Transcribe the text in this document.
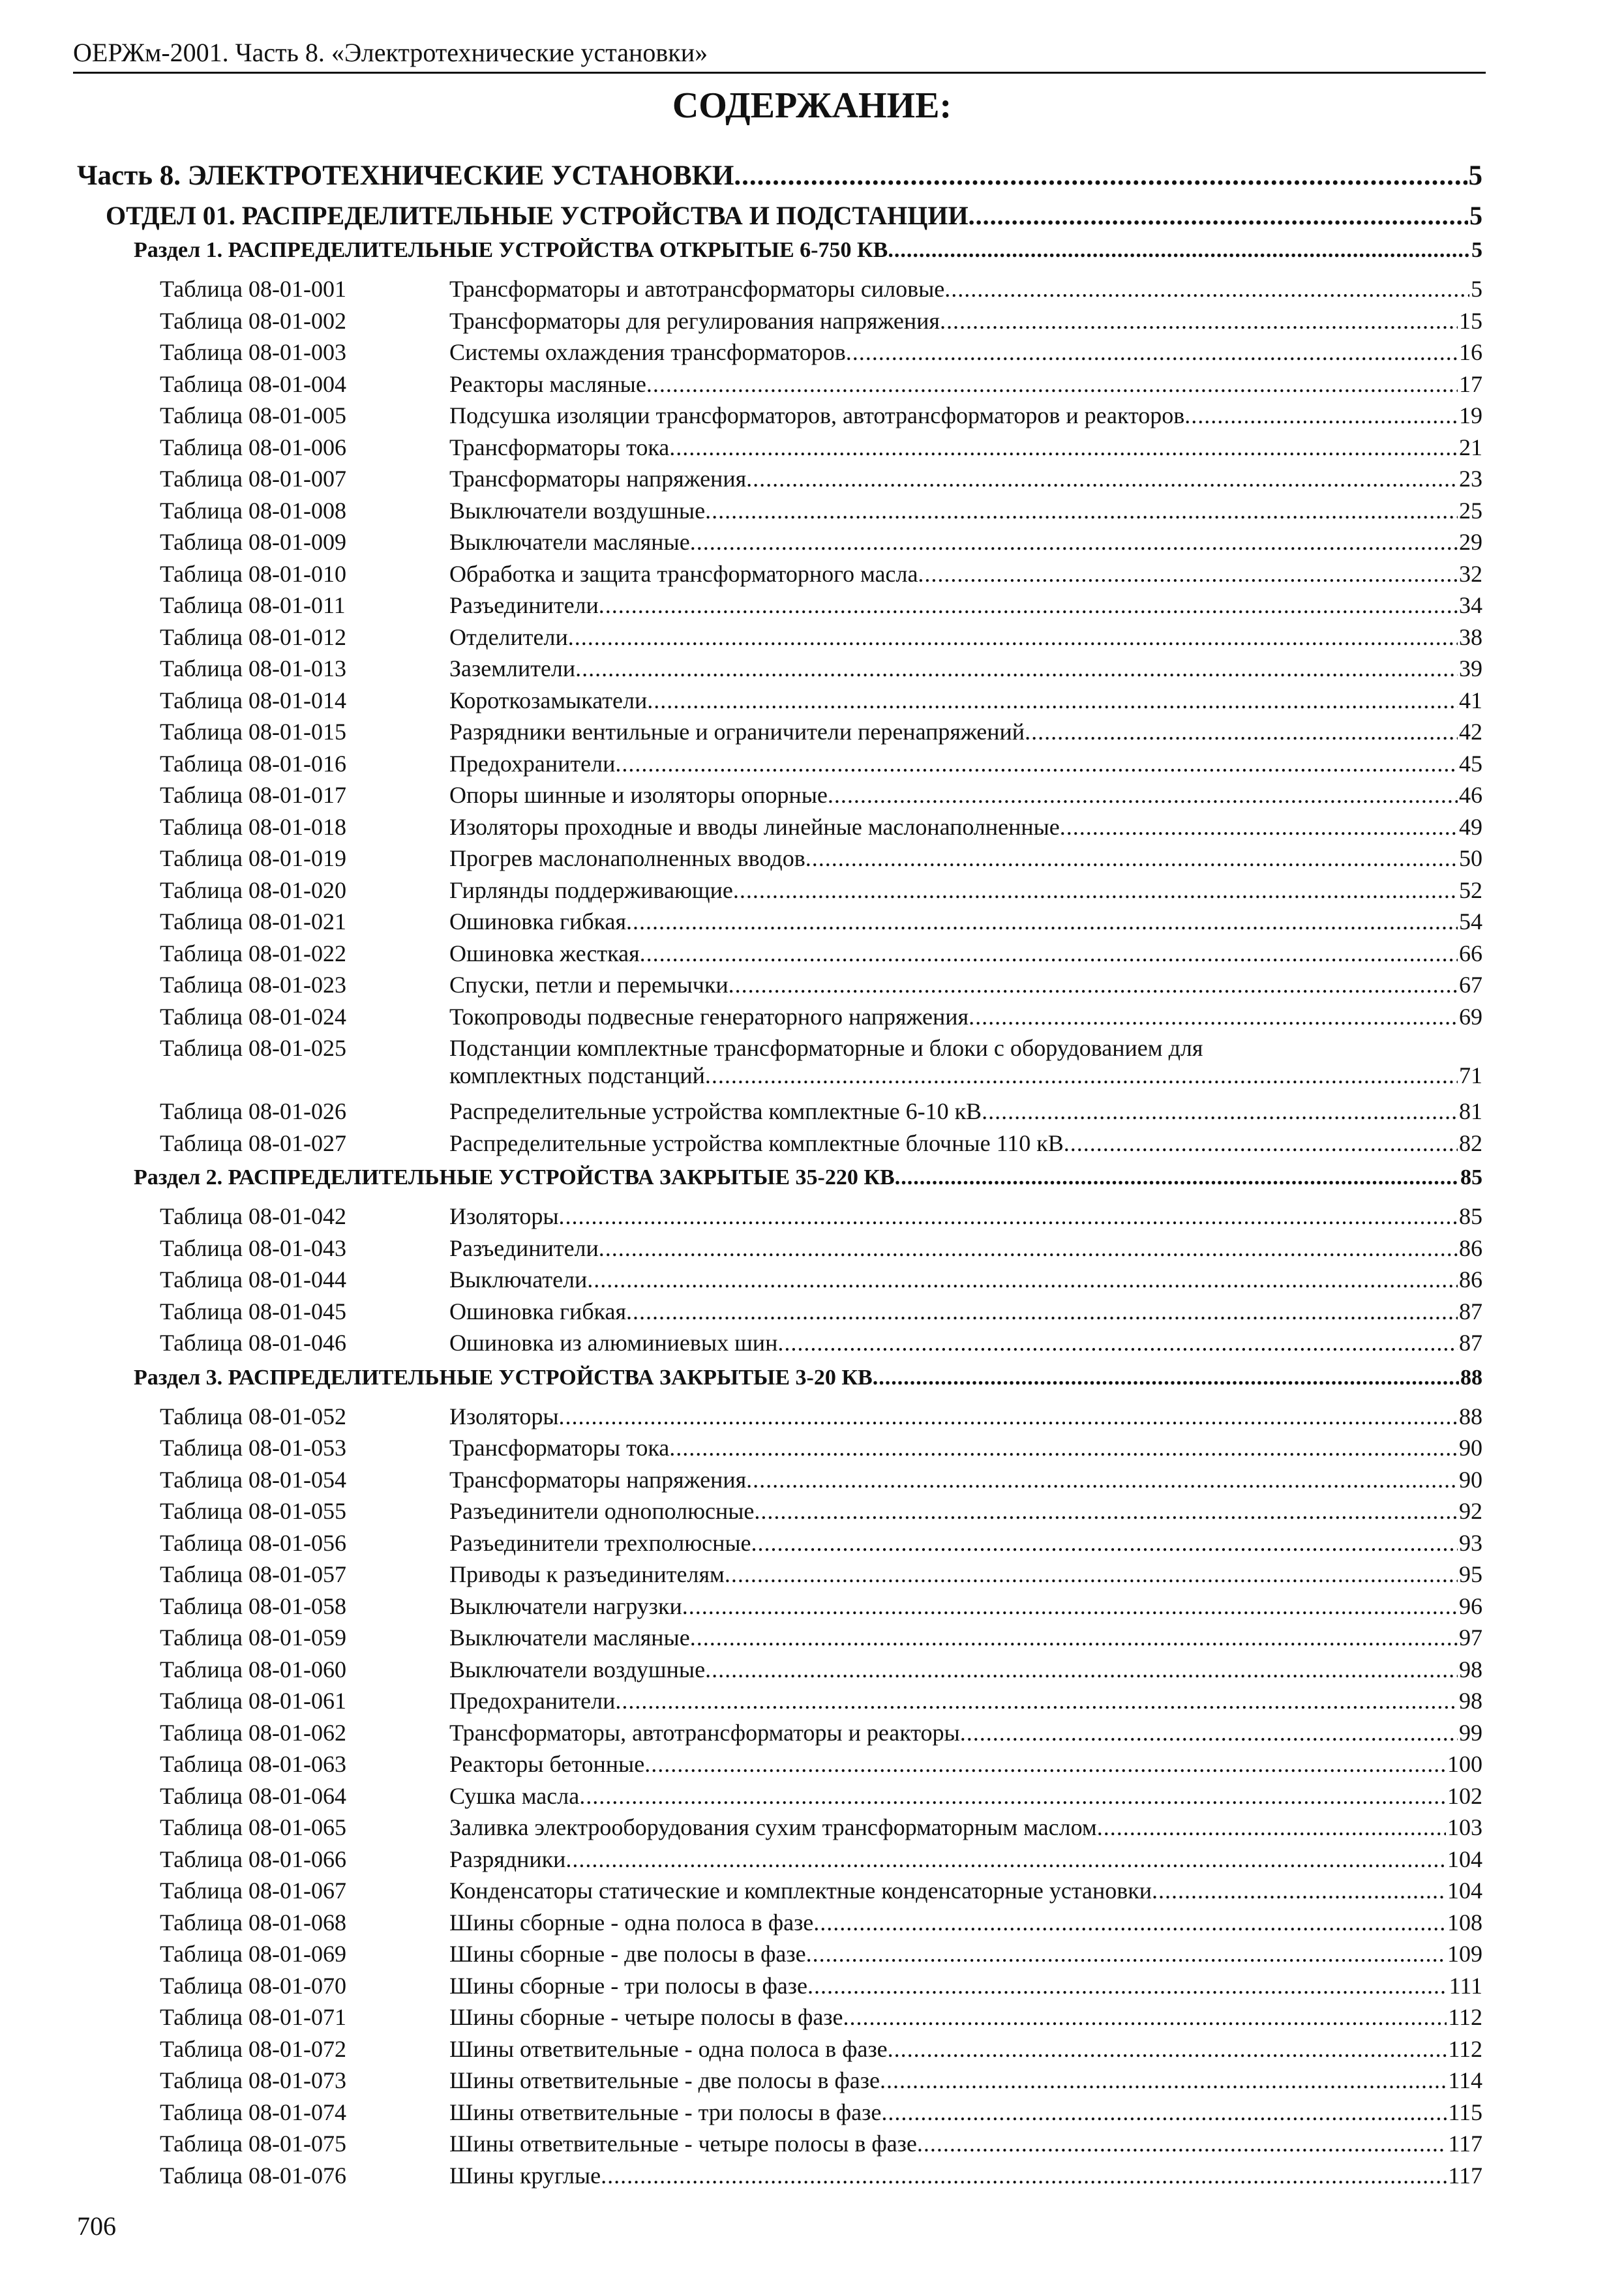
ОЕРЖм-2001. Часть 8. «Электротехнические установки»
СОДЕРЖАНИЕ:
Часть 8. ЭЛЕКТРОТЕХНИЧЕСКИЕ УСТАНОВКИ .....	5
ОТДЕЛ 01. РАСПРЕДЕЛИТЕЛЬНЫЕ УСТРОЙСТВА И ПОДСТАНЦИИ .....	5
Раздел 1. РАСПРЕДЕЛИТЕЛЬНЫЕ УСТРОЙСТВА ОТКРЫТЫЕ 6-750 КВ .....	5
Таблица 08-01-001	Трансформаторы и автотрансформаторы силовые .....	5
Таблица 08-01-002	Трансформаторы для регулирования напряжения .....	15
Таблица 08-01-003	Системы охлаждения трансформаторов .....	16
Таблица 08-01-004	Реакторы масляные .....	17
Таблица 08-01-005	Подсушка изоляции трансформаторов, автотрансформаторов и реакторов .....	19
Таблица 08-01-006	Трансформаторы тока .....	21
Таблица 08-01-007	Трансформаторы напряжения .....	23
Таблица 08-01-008	Выключатели воздушные .....	25
Таблица 08-01-009	Выключатели масляные .....	29
Таблица 08-01-010	Обработка и защита трансформаторного масла .....	32
Таблица 08-01-011	Разъединители .....	34
Таблица 08-01-012	Отделители .....	38
Таблица 08-01-013	Заземлители .....	39
Таблица 08-01-014	Короткозамыкатели .....	41
Таблица 08-01-015	Разрядники вентильные и ограничители перенапряжений .....	42
Таблица 08-01-016	Предохранители .....	45
Таблица 08-01-017	Опоры шинные и изоляторы опорные .....	46
Таблица 08-01-018	Изоляторы проходные и вводы линейные маслонаполненные .....	49
Таблица 08-01-019	Прогрев маслонаполненных вводов .....	50
Таблица 08-01-020	Гирлянды поддерживающие .....	52
Таблица 08-01-021	Ошиновка гибкая .....	54
Таблица 08-01-022	Ошиновка жесткая .....	66
Таблица 08-01-023	Спуски, петли и перемычки .....	67
Таблица 08-01-024	Токопроводы подвесные генераторного напряжения .....	69
Таблица 08-01-025	Подстанции комплектные трансформаторные и блоки с оборудованием для
комплектных подстанций .....	71
Таблица 08-01-026	Распределительные устройства комплектные 6-10 кВ .....	81
Таблица 08-01-027	Распределительные устройства комплектные блочные 110 кВ .....	82
Раздел 2. РАСПРЕДЕЛИТЕЛЬНЫЕ УСТРОЙСТВА ЗАКРЫТЫЕ 35-220 КВ .....	85
Таблица 08-01-042	Изоляторы .....	85
Таблица 08-01-043	Разъединители .....	86
Таблица 08-01-044	Выключатели .....	86
Таблица 08-01-045	Ошиновка гибкая .....	87
Таблица 08-01-046	Ошиновка из алюминиевых шин .....	87
Раздел 3. РАСПРЕДЕЛИТЕЛЬНЫЕ УСТРОЙСТВА ЗАКРЫТЫЕ 3-20 КВ .....	88
Таблица 08-01-052	Изоляторы .....	88
Таблица 08-01-053	Трансформаторы тока .....	90
Таблица 08-01-054	Трансформаторы напряжения .....	90
Таблица 08-01-055	Разъединители однополюсные .....	92
Таблица 08-01-056	Разъединители трехполюсные .....	93
Таблица 08-01-057	Приводы к разъединителям .....	95
Таблица 08-01-058	Выключатели нагрузки .....	96
Таблица 08-01-059	Выключатели масляные .....	97
Таблица 08-01-060	Выключатели воздушные .....	98
Таблица 08-01-061	Предохранители .....	98
Таблица 08-01-062	Трансформаторы, автотрансформаторы и реакторы .....	99
Таблица 08-01-063	Реакторы бетонные .....	100
Таблица 08-01-064	Сушка масла .....	102
Таблица 08-01-065	Заливка электрооборудования сухим трансформаторным маслом .....	103
Таблица 08-01-066	Разрядники .....	104
Таблица 08-01-067	Конденсаторы статические и комплектные конденсаторные установки .....	104
Таблица 08-01-068	Шины сборные - одна полоса в фазе .....	108
Таблица 08-01-069	Шины сборные - две полосы в фазе .....	109
Таблица 08-01-070	Шины сборные - три полосы в фазе .....	111
Таблица 08-01-071	Шины сборные - четыре полосы в фазе .....	112
Таблица 08-01-072	Шины ответвительные - одна полоса в фазе .....	112
Таблица 08-01-073	Шины ответвительные - две полосы в фазе .....	114
Таблица 08-01-074	Шины ответвительные - три полосы в фазе .....	115
Таблица 08-01-075	Шины ответвительные - четыре полосы в фазе .....	117
Таблица 08-01-076	Шины круглые .....	117
706
